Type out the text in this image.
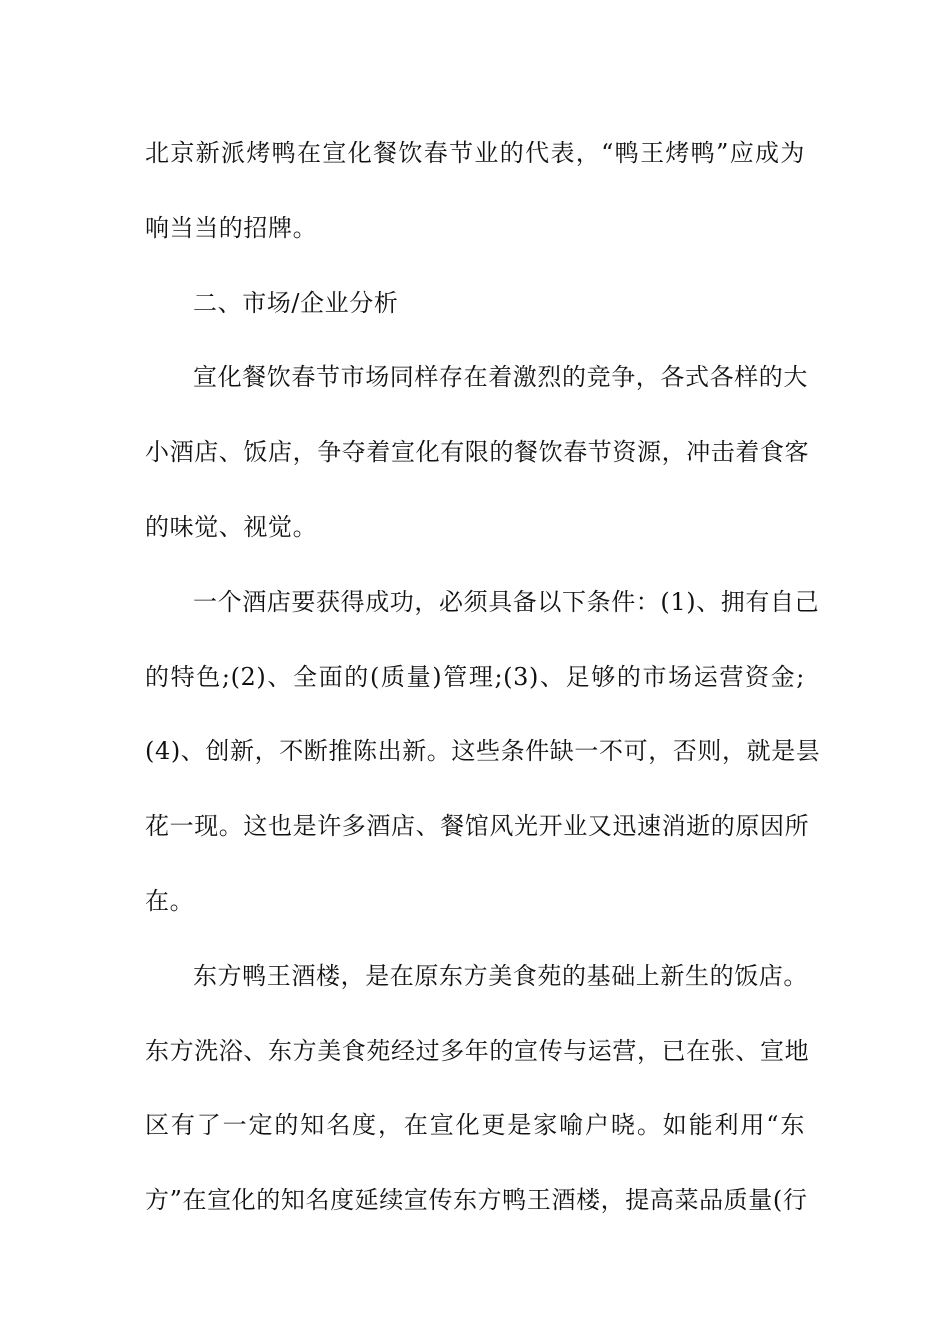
北京新派烤鸭在宣化餐饮春节业的代表，“鸭王烤鸭”应成为
响当当的招牌。
二、市场/企业分析
宣化餐饮春节市场同样存在着激烈的竞争，各式各样的大
小酒店、饭店，争夺着宣化有限的餐饮春节资源，冲击着食客
的味觉、视觉。
一个酒店要获得成功，必须具备以下条件：(1)、拥有自己
的特色;(2)、全面的(质量)管理;(3)、足够的市场运营资金;
(4)、创新，不断推陈出新。这些条件缺一不可，否则，就是昙
花一现。这也是许多酒店、餐馆风光开业又迅速消逝的原因所
在。
东方鸭王酒楼，是在原东方美食苑的基础上新生的饭店。
东方洗浴、东方美食苑经过多年的宣传与运营，已在张、宣地
区有了一定的知名度，在宣化更是家喻户晓。如能利用“东
方”在宣化的知名度延续宣传东方鸭王酒楼，提高菜品质量(行
